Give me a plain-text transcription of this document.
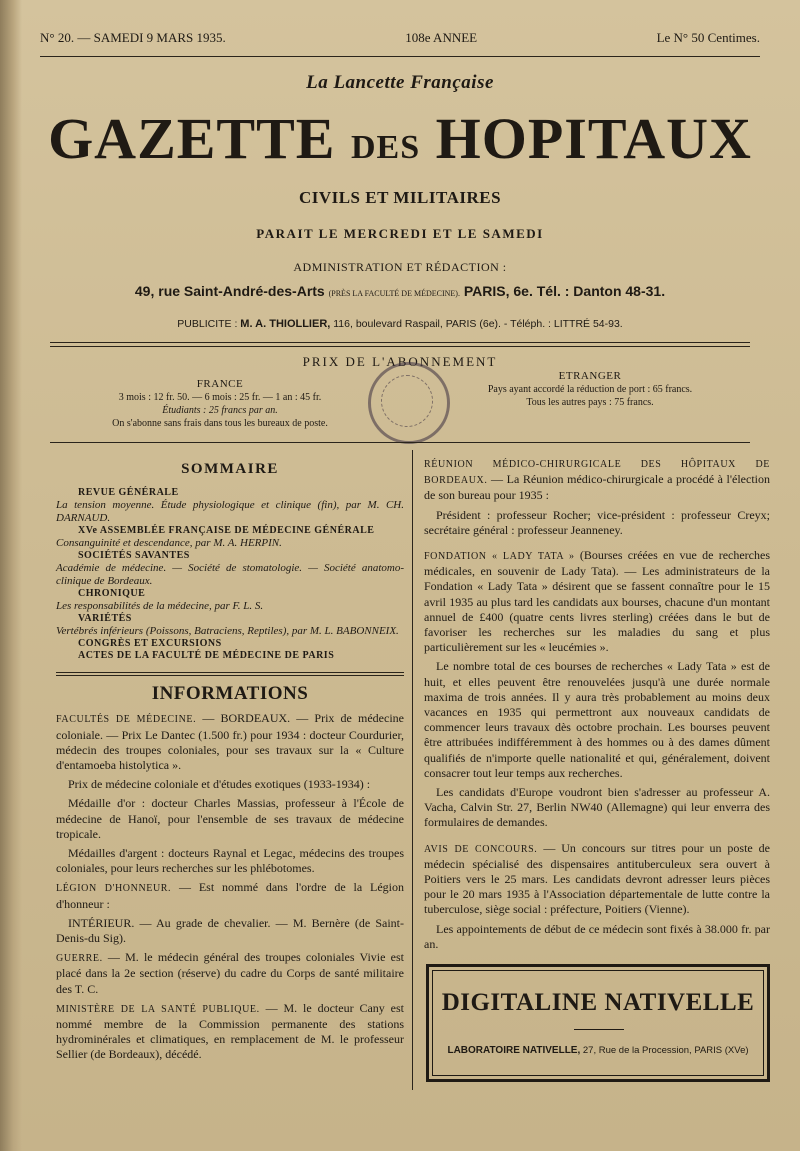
N° 20. — SAMEDI 9 MARS 1935.	108e ANNEE	Le N° 50 Centimes.
La Lancette Française
GAZETTE DES HOPITAUX
CIVILS ET MILITAIRES
PARAIT LE MERCREDI ET LE SAMEDI
ADMINISTRATION ET RÉDACTION :
49, rue Saint-André-des-Arts (PRÈS LA FACULTÉ DE MÉDECINE). PARIS, 6e. Tél. : Danton 48-31.
PUBLICITE : M. A. THIOLLIER, 116, boulevard Raspail, PARIS (6e). - Téléph. : LITTRÉ 54-93.
PRIX DE L'ABONNEMENT
FRANCE
3 mois : 12 fr. 50. — 6 mois : 25 fr. — 1 an : 45 fr.
Étudiants : 25 francs par an.
On s'abonne sans frais dans tous les bureaux de poste.
ETRANGER
Pays ayant accordé la réduction de port : 65 francs.
Tous les autres pays : 75 francs.
SOMMAIRE
REVUE GÉNÉRALE
La tension moyenne. Étude physiologique et clinique (fin), par M. CH. DARNAUD.
XVe ASSEMBLÉE FRANÇAISE DE MÉDECINE GÉNÉRALE
Consanguinité et descendance, par M. A. HERPIN.
SOCIÉTÉS SAVANTES
Académie de médecine. — Société de stomatologie. — Société anatomo-clinique de Bordeaux.
CHRONIQUE
Les responsabilités de la médecine, par F. L. S.
VARIÉTÉS
Vertébrés inférieurs (Poissons, Batraciens, Reptiles), par M. L. BABONNEIX.
CONGRÈS ET EXCURSIONS
ACTES DE LA FACULTÉ DE MÉDECINE DE PARIS
INFORMATIONS

FACULTÉS DE MÉDECINE. — BORDEAUX. — Prix de médecine coloniale. — Prix Le Dantec (1.500 fr.) pour 1934 : docteur Courdurier, médecin des troupes coloniales, pour ses travaux sur la « Culture d'entamoeba histolytica ».

 Prix de médecine coloniale et d'études exotiques (1933-1934) :

 Médaille d'or : docteur Charles Massias, professeur à l'École de médecine de Hanoï, pour l'ensemble de ses travaux de médecine tropicale.

 Médailles d'argent : docteurs Raynal et Legac, médecins des troupes coloniales, pour leurs recherches sur les phlébotomes.

LÉGION D'HONNEUR. — Est nommé dans l'ordre de la Légion d'honneur :

 INTÉRIEUR. — Au grade de chevalier. — M. Bernère (de Saint-Denis-du Sig).

GUERRE. — M. le médecin général des troupes coloniales Vivie est placé dans la 2e section (réserve) du cadre du Corps de santé militaire des T. C.

MINISTÈRE DE LA SANTÉ PUBLIQUE. — M. le docteur Cany est nommé membre de la Commission permanente des stations hydrominérales et climatiques, en remplacement de M. le professeur Sellier (de Bordeaux), décédé.

RÉUNION MÉDICO-CHIRURGICALE DES HÔPITAUX DE BORDEAUX. — La Réunion médico-chirurgicale a procédé à l'élection de son bureau pour 1935 :

 Président : professeur Rocher; vice-président : professeur Creyx; secrétaire général : professeur Jeanneney.

FONDATION « LADY TATA » (Bourses créées en vue de recherches médicales, en souvenir de Lady Tata). — Les administrateurs de la Fondation « Lady Tata » désirent que se fassent connaître pour le 15 avril 1935 au plus tard les candidats aux bourses, chacune d'un montant annuel de £400 (quatre cents livres sterling) créées dans le but de favoriser les recherches sur les maladies du sang et plus particulièrement sur les « leucémies ».

 Le nombre total de ces bourses de recherches « Lady Tata » est de huit, et elles peuvent être renouvelées jusqu'à une durée normale maxima de trois années. Il y aura très probablement au moins deux vacances en 1935 qui permettront aux nouveaux candidats de commencer leurs travaux dès octobre prochain. Les bourses peuvent être attribuées indifféremment à des hommes ou à des dames dûment qualifiés de n'importe quelle nationalité et qui, généralement, doivent consacrer tout leur temps aux recherches.

 Les candidats d'Europe voudront bien s'adresser au professeur A. Vacha, Calvin Str. 27, Berlin NW40 (Allemagne) qui leur enverra des formulaires de demandes.

AVIS DE CONCOURS. — Un concours sur titres pour un poste de médecin spécialisé des dispensaires antituberculeux sera ouvert à Poitiers vers le 25 mars. Les candidats devront adresser leurs pièces pour le 20 mars 1935 à l'Association départementale de lutte contre la tuberculose, siège social : préfecture, Poitiers (Vienne).

 Les appointements de début de ce médecin sont fixés à 38.000 fr. par an.

DIGITALINE NATIVELLE
LABORATOIRE NATIVELLE, 27, Rue de la Procession, PARIS (XVe)
